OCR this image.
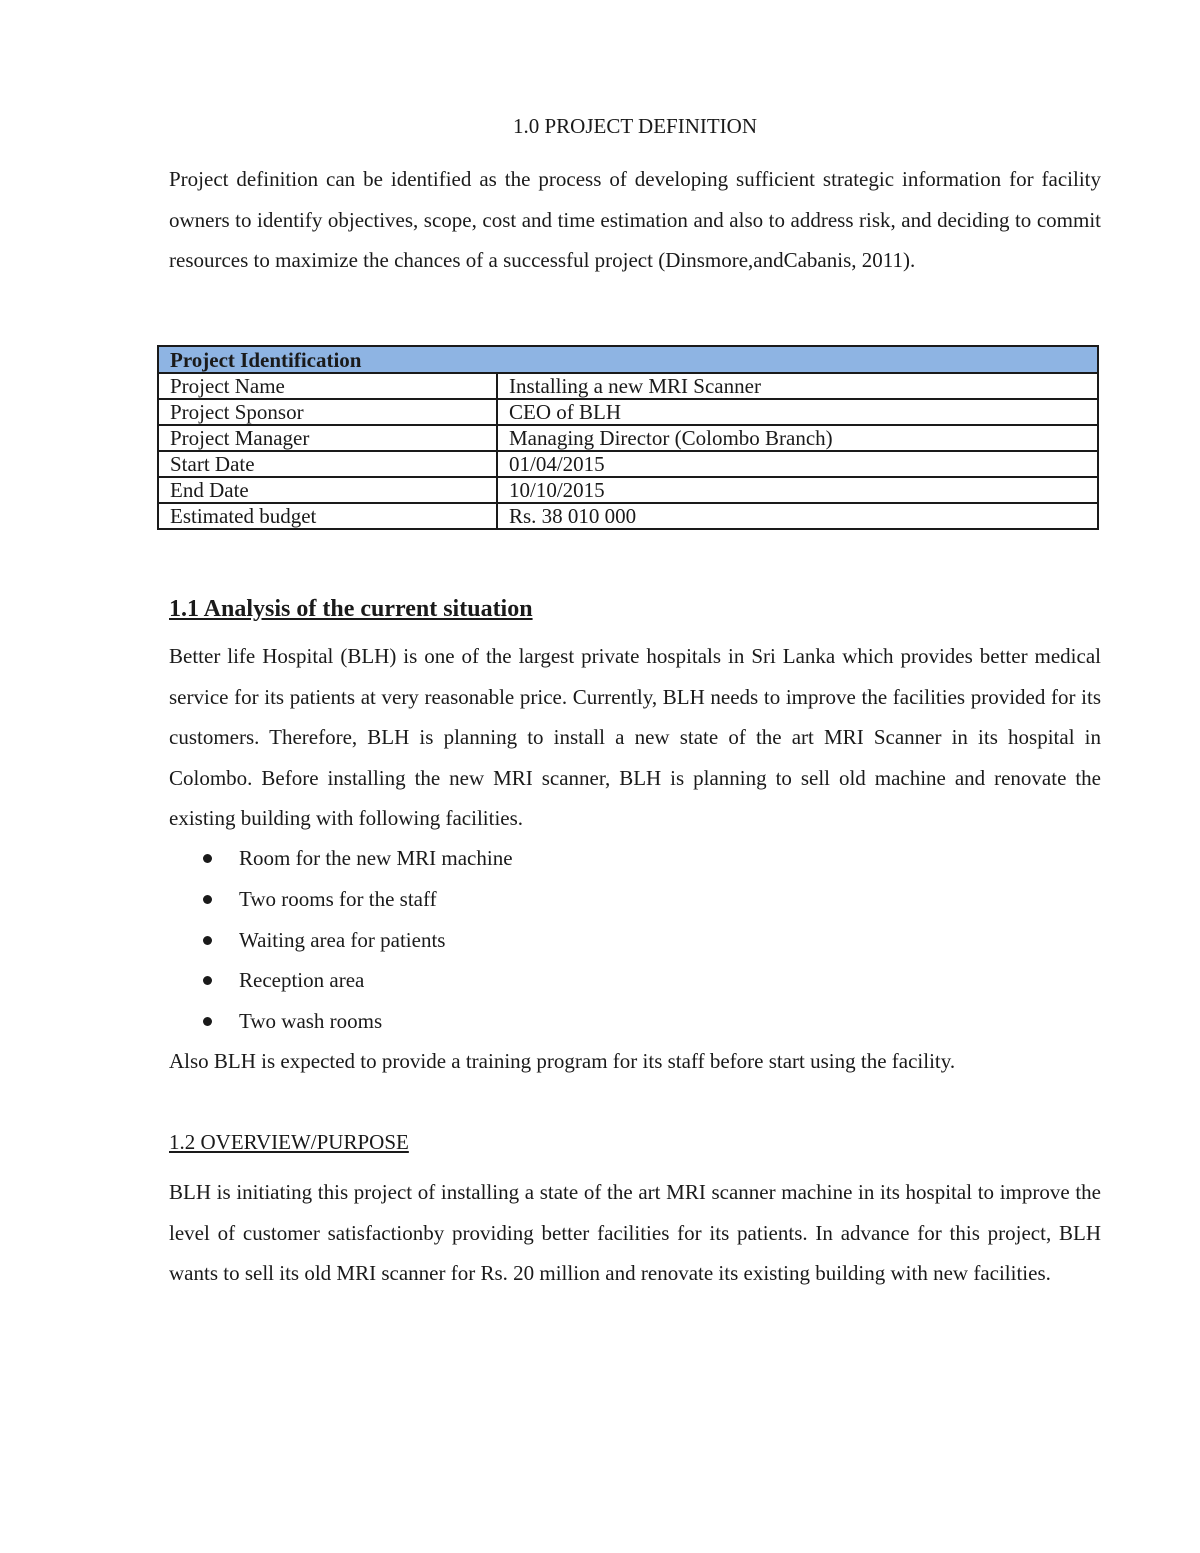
1.0 PROJECT DEFINITION

Project definition can be identified as the process of developing sufficient strategic information for facility owners to identify objectives, scope, cost and time estimation and also to address risk, and deciding to commit resources to maximize the chances of a successful project (Dinsmore,andCabanis, 2011).

Project Identification	
Project Name	Installing a new MRI Scanner
Project Sponsor	CEO of BLH
Project Manager	Managing Director (Colombo Branch)
Start Date	01/04/2015
End Date	10/10/2015
Estimated budget	Rs. 38 010 000
1.1 Analysis of the current situation

Better life Hospital (BLH) is one of the largest private hospitals in Sri Lanka which provides better medical service for its patients at very reasonable price. Currently, BLH needs to improve the facilities provided for its customers. Therefore, BLH is planning to install a new state of the art MRI Scanner in its hospital in Colombo. Before installing the new MRI scanner, BLH is planning to sell old machine and renovate the existing building with following facilities.

Room for the new MRI machine
Two rooms for the staff
Waiting area for patients
Reception area
Two wash rooms

Also BLH is expected to provide a training program for its staff before start using the facility.

1.2 OVERVIEW/PURPOSE

BLH is initiating this project of installing a state of the art MRI scanner machine in its hospital to improve the level of customer satisfactionby providing better facilities for its patients. In advance for this project, BLH wants to sell its old MRI scanner for Rs. 20 million and renovate its existing building with new facilities.
